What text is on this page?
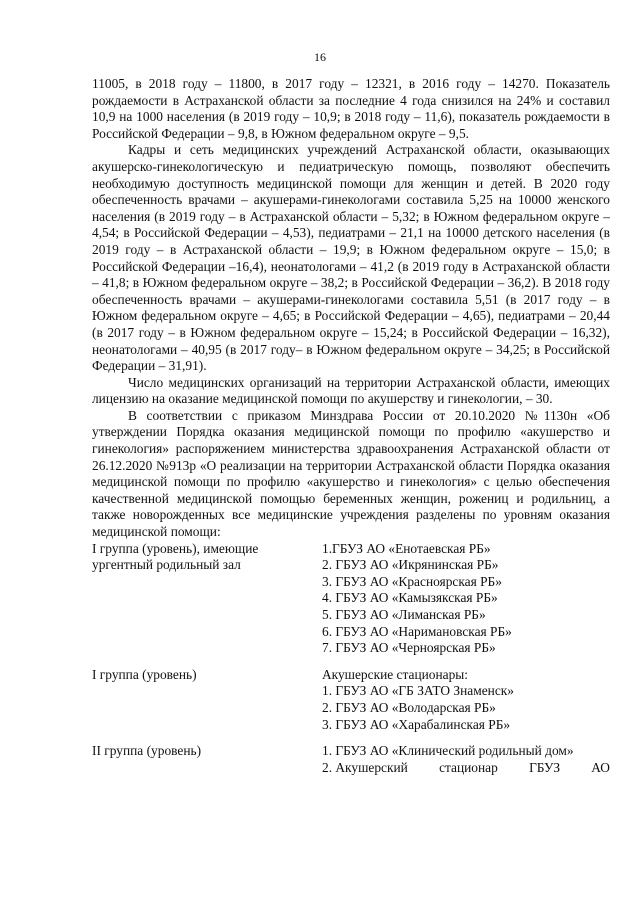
16

11005, в 2018 году – 11800, в 2017 году – 12321, в 2016 году – 14270. Показатель рождаемости в Астраханской области за последние 4 года снизился на 24% и составил 10,9 на 1000 населения (в 2019 году – 10,9; в 2018 году – 11,6), показатель рождаемости в Российской Федерации – 9,8, в Южном федеральном округе – 9,5.

Кадры и сеть медицинских учреждений Астраханской области, оказывающих акушерско-гинекологическую и педиатрическую помощь, позволяют обеспечить необходимую доступность медицинской помощи для женщин и детей. В 2020 году обеспеченность врачами – акушерами-гинекологами составила 5,25 на 10000 женского населения (в 2019 году – в Астраханской области – 5,32; в Южном федеральном округе – 4,54; в Российской Федерации – 4,53), педиатрами – 21,1 на 10000 детского населения (в 2019 году – в Астраханской области – 19,9; в Южном федеральном округе – 15,0; в Российской Федерации –16,4), неонатологами – 41,2 (в 2019 году в Астраханской области – 41,8; в Южном федеральном округе – 38,2; в Российской Федерации – 36,2). В 2018 году обеспеченность врачами – акушерами-гинекологами составила 5,51 (в 2017 году – в Южном федеральном округе – 4,65; в Российской Федерации – 4,65), педиатрами – 20,44 (в 2017 году – в Южном федеральном округе – 15,24; в Российской Федерации – 16,32), неонатологами – 40,95 (в 2017 году– в Южном федеральном округе – 34,25; в Российской Федерации – 31,91).

Число медицинских организаций на территории Астраханской области, имеющих лицензию на оказание медицинской помощи по акушерству и гинекологии, – 30.

В соответствии с приказом Минздрава России от 20.10.2020 №1130н «Об утверждении Порядка оказания медицинской помощи по профилю «акушерство и гинекология» распоряжением министерства здравоохранения Астраханской области от 26.12.2020 №913р «О реализации на территории Астраханской области Порядка оказания медицинской помощи по профилю «акушерство и гинекология» с целью обеспечения качественной медицинской помощью беременных женщин, рожениц и родильниц, а также новорожденных все медицинские учреждения разделены по уровням оказания медицинской помощи:

I группа (уровень), имеющие ургентный родильный зал
1.ГБУЗ АО «Енотаевская РБ»
2. ГБУЗ АО «Икрянинская РБ»
3. ГБУЗ АО «Красноярская РБ»
4. ГБУЗ АО «Камызякская РБ»
5. ГБУЗ АО «Лиманская РБ»
6. ГБУЗ АО «Наримановская РБ»
7. ГБУЗ АО «Черноярская РБ»
I группа (уровень)	Акушерские стационары:
1. ГБУЗ АО «ГБ ЗАТО Знаменск»
2. ГБУЗ АО «Володарская РБ»
3. ГБУЗ АО «Харабалинская РБ»
II группа (уровень)	1. ГБУЗ АО «Клинический родильный дом»
2. Акушерский стационар ГБУЗ АО
